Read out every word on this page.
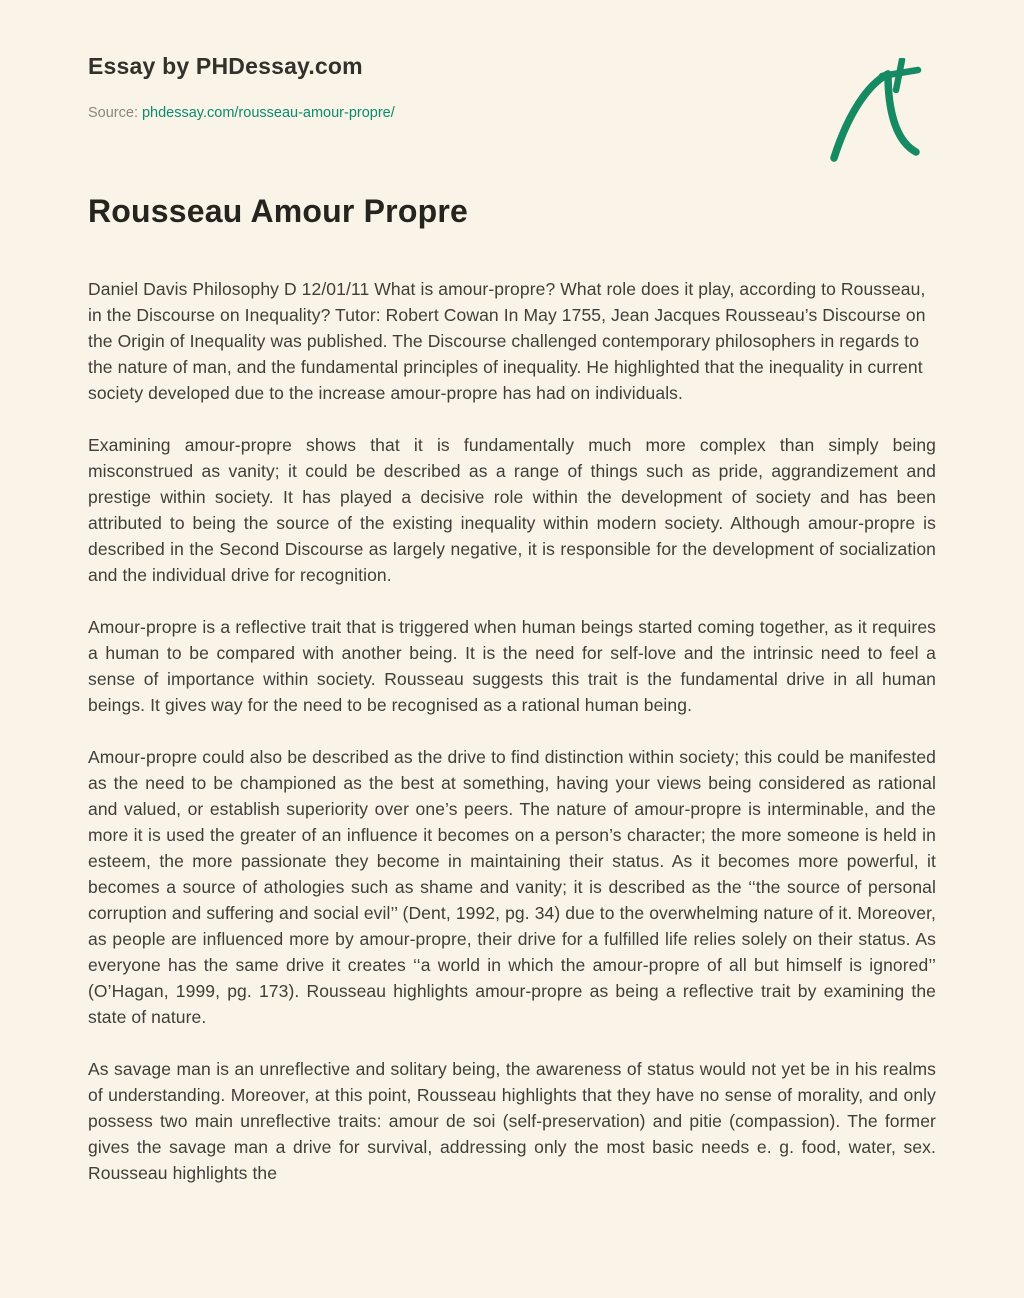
Essay by PHDessay.com
Source: phdessay.com/rousseau-amour-propre/
Rousseau Amour Propre

Daniel Davis Philosophy D 12/01/11 What is amour-propre? What role does it play, according to Rousseau, in the Discourse on Inequality? Tutor: Robert Cowan In May 1755, Jean Jacques Rousseau’s Discourse on the Origin of Inequality was published. The Discourse challenged contemporary philosophers in regards to the nature of man, and the fundamental principles of inequality. He highlighted that the inequality in current society developed due to the increase amour-propre has had on individuals.

Examining amour-propre shows that it is fundamentally much more complex than simply being misconstrued as vanity; it could be described as a range of things such as pride, aggrandizement and prestige within society. It has played a decisive role within the development of society and has been attributed to being the source of the existing inequality within modern society. Although amour-propre is described in the Second Discourse as largely negative, it is responsible for the development of socialization and the individual drive for recognition.

Amour-propre is a reflective trait that is triggered when human beings started coming together, as it requires a human to be compared with another being. It is the need for self-love and the intrinsic need to feel a sense of importance within society. Rousseau suggests this trait is the fundamental drive in all human beings. It gives way for the need to be recognised as a rational human being.

Amour-propre could also be described as the drive to find distinction within society; this could be manifested as the need to be championed as the best at something, having your views being considered as rational and valued, or establish superiority over one’s peers. The nature of amour-propre is interminable, and the more it is used the greater of an influence it becomes on a person’s character; the more someone is held in esteem, the more passionate they become in maintaining their status. As it becomes more powerful, it becomes a source of athologies such as shame and vanity; it is described as the ‘‘the source of personal corruption and suffering and social evil’’ (Dent, 1992, pg. 34) due to the overwhelming nature of it. Moreover, as people are influenced more by amour-propre, their drive for a fulfilled life relies solely on their status. As everyone has the same drive it creates ‘‘a world in which the amour-propre of all but himself is ignored’’ (O’Hagan, 1999, pg. 173). Rousseau highlights amour-propre as being a reflective trait by examining the state of nature.

As savage man is an unreflective and solitary being, the awareness of status would not yet be in his realms of understanding. Moreover, at this point, Rousseau highlights that they have no sense of morality, and only possess two main unreflective traits: amour de soi (self-preservation) and pitie (compassion). The former gives the savage man a drive for survival, addressing only the most basic needs e. g. food, water, sex. Rousseau highlights the
